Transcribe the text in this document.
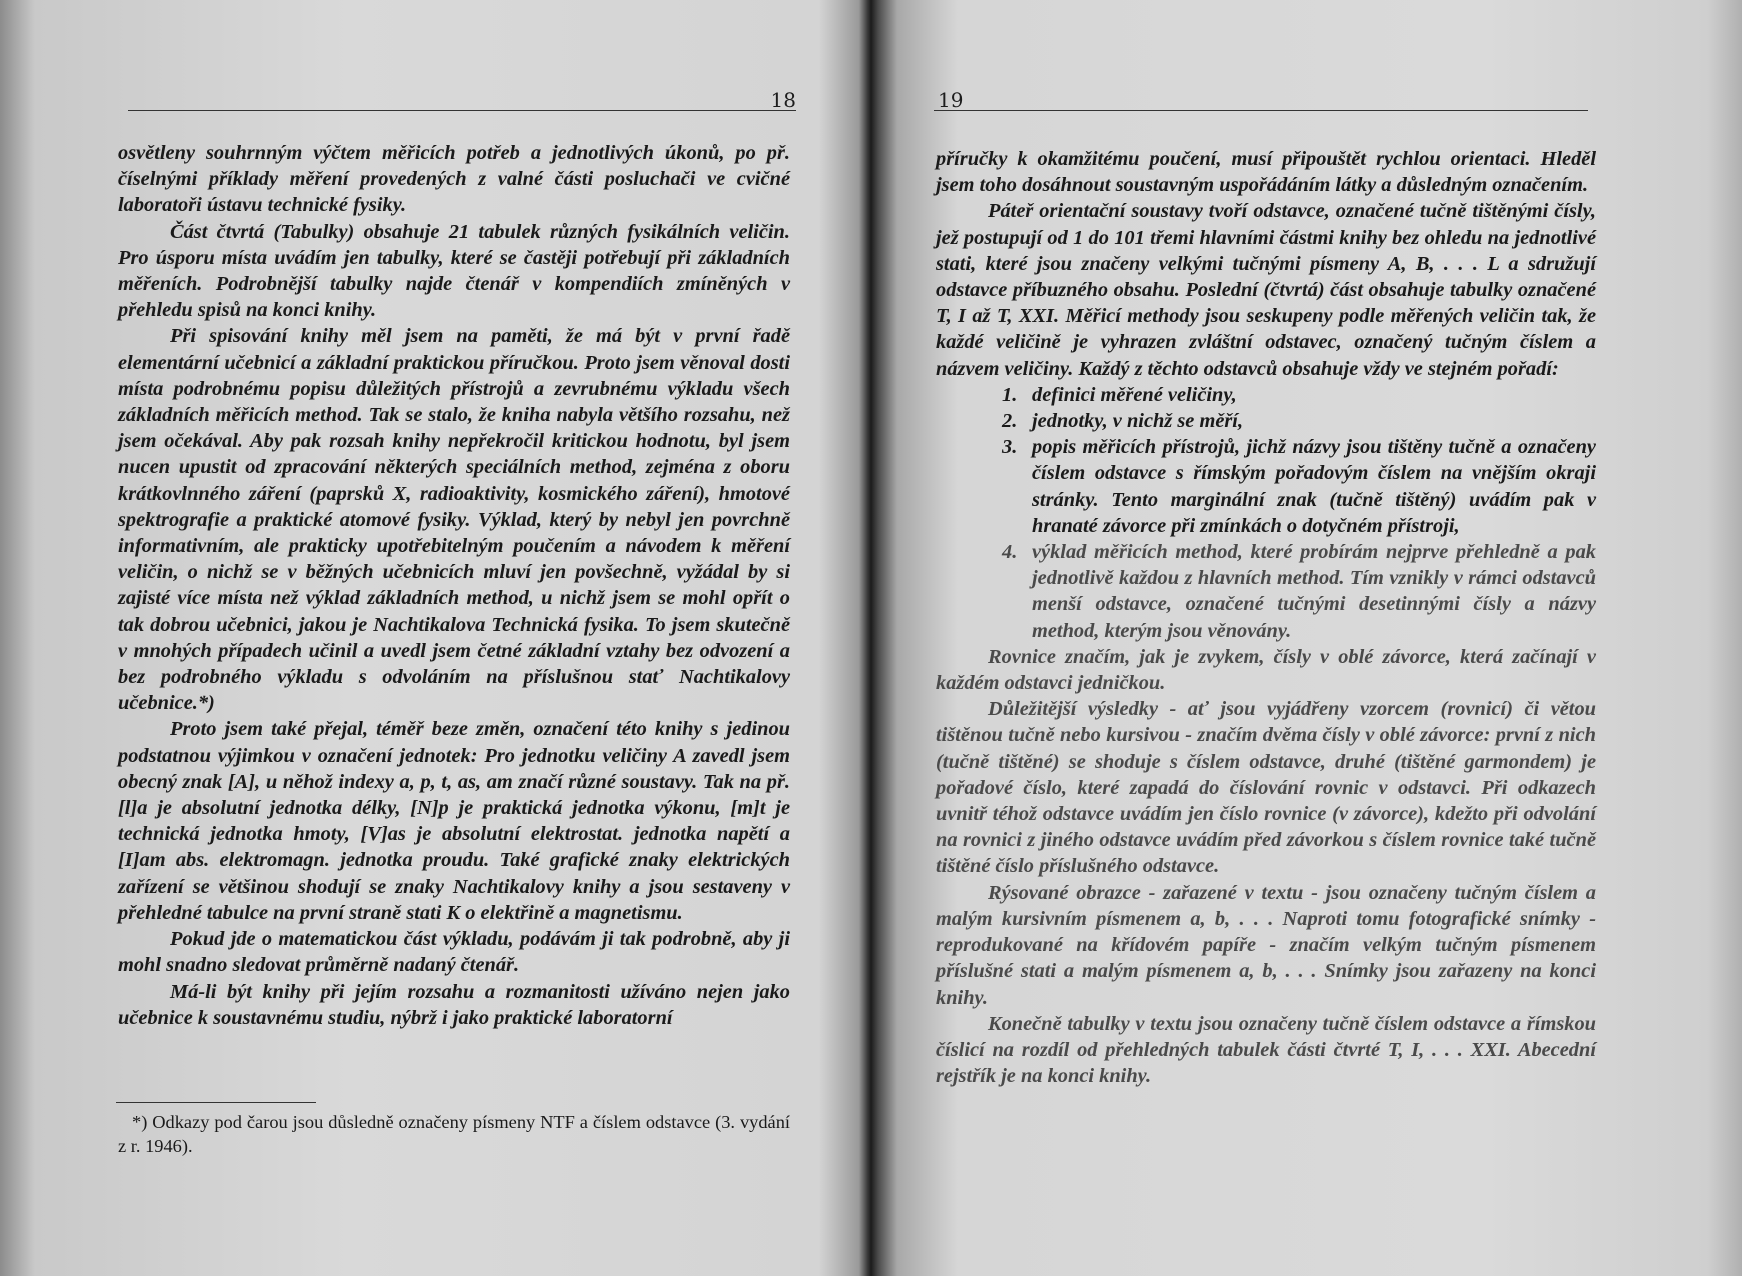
18

osvětleny souhrnným výčtem měřicích potřeb a jednotlivých úkonů, po př. číselnými příklady měření provedených z valné části posluchači ve cvičné laboratoři ústavu technické fysiky.

Část čtvrtá (Tabulky) obsahuje 21 tabulek různých fysikálních veličin. Pro úsporu místa uvádím jen tabulky, které se častěji potřebují při základních měřeních. Podrobnější tabulky najde čtenář v kompendiích zmíněných v přehledu spisů na konci knihy.

Při spisování knihy měl jsem na paměti, že má být v první řadě elementární učebnicí a základní praktickou příručkou. Proto jsem věnoval dosti místa podrobnému popisu důležitých přístrojů a zevrubnému výkladu všech základních měřicích method. Tak se stalo, že kniha nabyla většího rozsahu, než jsem očekával. Aby pak rozsah knihy nepřekročil kritickou hodnotu, byl jsem nucen upustit od zpracování některých speciálních method, zejména z oboru krátkovlnného záření (paprsků X, radioaktivity, kosmického záření), hmotové spektrografie a praktické atomové fysiky. Výklad, který by nebyl jen povrchně informativním, ale prakticky upotřebitelným poučením a návodem k měření veličin, o nichž se v běžných učebnicích mluví jen povšechně, vyžádal by si zajisté více místa než výklad základních method, u nichž jsem se mohl opřít o tak dobrou učebnici, jakou je Nachtikalova Technická fysika. To jsem skutečně v mnohých případech učinil a uvedl jsem četné základní vztahy bez odvození a bez podrobného výkladu s odvoláním na příslušnou stať Nachtikalovy učebnice.*)

Proto jsem také přejal, téměř beze změn, označení této knihy s jedinou podstatnou výjimkou v označení jednotek: Pro jednotku veličiny A zavedl jsem obecný znak [A], u něhož indexy a, p, t, as, am značí různé soustavy. Tak na př. [l]a je absolutní jednotka délky, [N]p je praktická jednotka výkonu, [m]t je technická jednotka hmoty, [V]as je absolutní elektrostat. jednotka napětí a [I]am abs. elektromagn. jednotka proudu. Také grafické znaky elektrických zařízení se většinou shodují se znaky Nachtikalovy knihy a jsou sestaveny v přehledné tabulce na první straně stati K o elektřině a magnetismu.

Pokud jde o matematickou část výkladu, podávám ji tak podrobně, aby ji mohl snadno sledovat průměrně nadaný čtenář.

Má-li být knihy při jejím rozsahu a rozmanitosti užíváno nejen jako učebnice k soustavnému studiu, nýbrž i jako praktické laboratorní

*) Odkazy pod čarou jsou důsledně označeny písmeny NTF a číslem odstavce (3. vydání z r. 1946).

19

příručky k okamžitému poučení, musí připouštět rychlou orientaci. Hleděl jsem toho dosáhnout soustavným uspořádáním látky a důsledným označením.

Páteř orientační soustavy tvoří odstavce, označené tučně tištěnými čísly, jež postupují od 1 do 101 třemi hlavními částmi knihy bez ohledu na jednotlivé stati, které jsou značeny velkými tučnými písmeny A, B, . . . L a sdružují odstavce příbuzného obsahu. Poslední (čtvrtá) část obsahuje tabulky označené T, I až T, XXI. Měřicí methody jsou seskupeny podle měřených veličin tak, že každé veličině je vyhrazen zvláštní odstavec, označený tučným číslem a názvem veličiny. Každý z těchto odstavců obsahuje vždy ve stejném pořadí:

1. definici měřené veličiny,
2. jednotky, v nichž se měří,
3. popis měřicích přístrojů, jichž názvy jsou tištěny tučně a označeny číslem odstavce s římským pořadovým číslem na vnějším okraji stránky. Tento marginální znak (tučně tištěný) uvádím pak v hranaté závorce při zmínkách o dotyčném přístroji,
4. výklad měřicích method, které probírám nejprve přehledně a pak jednotlivě každou z hlavních method. Tím vznikly v rámci odstavců menší odstavce, označené tučnými desetinnými čísly a názvy method, kterým jsou věnovány.

Rovnice značím, jak je zvykem, čísly v oblé závorce, která začínají v každém odstavci jedničkou.

Důležitější výsledky - ať jsou vyjádřeny vzorcem (rovnicí) či větou tištěnou tučně nebo kursivou - značím dvěma čísly v oblé závorce: první z nich (tučně tištěné) se shoduje s číslem odstavce, druhé (tištěné garmondem) je pořadové číslo, které zapadá do číslování rovnic v odstavci. Při odkazech uvnitř téhož odstavce uvádím jen číslo rovnice (v závorce), kdežto při odvolání na rovnici z jiného odstavce uvádím před závorkou s číslem rovnice také tučně tištěné číslo příslušného odstavce.

Rýsované obrazce - zařazené v textu - jsou označeny tučným číslem a malým kursivním písmenem a, b, . . . Naproti tomu fotografické snímky - reprodukované na křídovém papíře - značím velkým tučným písmenem příslušné stati a malým písmenem a, b, . . . Snímky jsou zařazeny na konci knihy.

Konečně tabulky v textu jsou označeny tučně číslem odstavce a římskou číslicí na rozdíl od přehledných tabulek části čtvrté T, I, . . . XXI. Abecední rejstřík je na konci knihy.
